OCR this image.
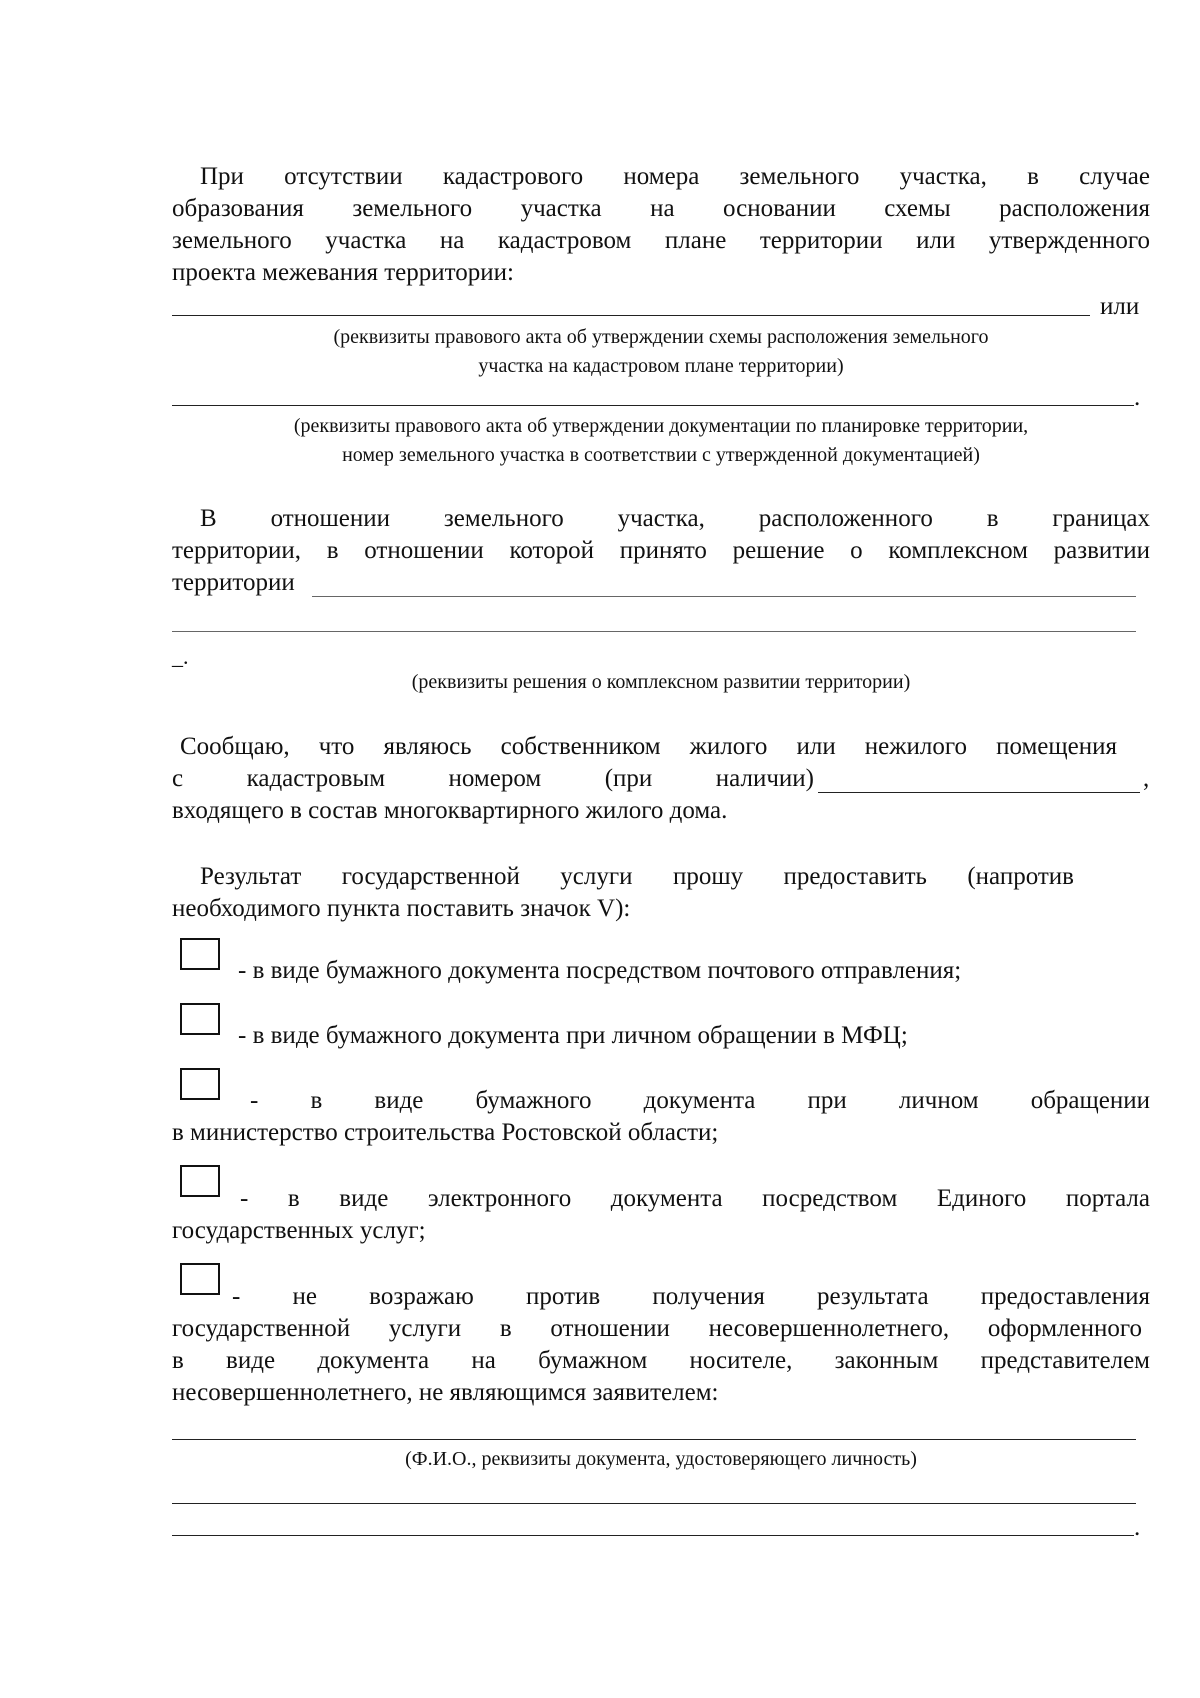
При отсутствии кадастрового номера земельного участка, в случае
образования земельного участка на основании схемы расположения
земельного участка на кадастровом плане территории или утвержденного
проекта межевания территории:
или
(реквизиты правового акта об утверждении схемы расположения земельного
участка на кадастровом плане территории)
.
(реквизиты правового акта об утверждении документации по планировке территории,
номер земельного участка в соответствии с утвержденной документацией)
В отношении земельного участка, расположенного в границах
территории, в отношении которой принято решение о комплексном развитии
территории
_.
(реквизиты решения о комплексном развитии территории)
Сообщаю, что являюсь собственником жилого или нежилого помещения
с кадастровым номером (при наличии)	,
входящего в состав многоквартирного жилого дома.
Результат государственной услуги прошу предоставить (напротив
необходимого пункта поставить значок V):
- в виде бумажного документа посредством почтового отправления;
- в виде бумажного документа при личном обращении в МФЦ;
- в виде бумажного документа при личном обращении
в министерство строительства Ростовской области;
- в виде электронного документа посредством Единого портала
государственных услуг;
- не возражаю против получения результата предоставления
государственной услуги в отношении несовершеннолетнего, оформленного
в виде документа на бумажном носителе, законным представителем
несовершеннолетнего, не являющимся заявителем:
(Ф.И.О., реквизиты документа, удостоверяющего личность)
.
